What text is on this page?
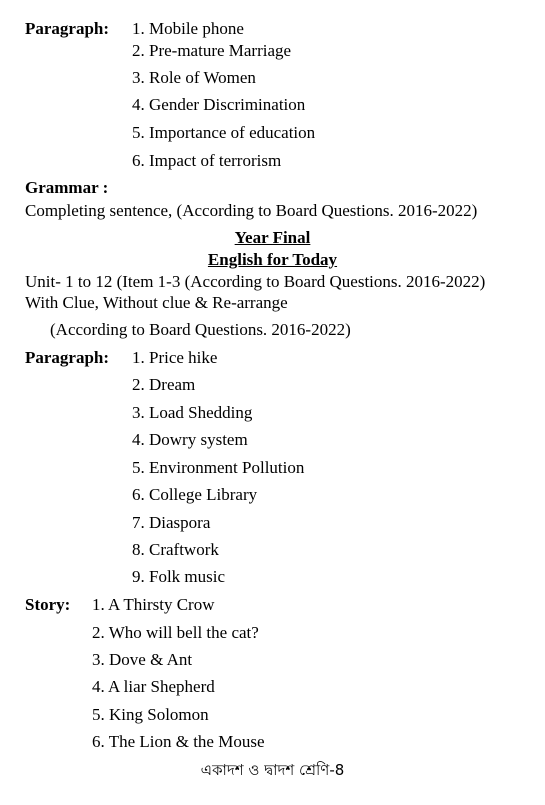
Paragraph: 1. Mobile phone
2. Pre-mature Marriage
3. Role of Women
4. Gender Discrimination
5. Importance of education
6. Impact of terrorism
Grammar :
Completing sentence, (According to Board Questions. 2016-2022)
Year Final
English for Today
Unit- 1 to 12 (Item 1-3 (According to Board Questions. 2016-2022)
With Clue, Without clue & Re-arrange
(According to Board Questions. 2016-2022)
Paragraph: 1. Price hike
2. Dream
3. Load Shedding
4. Dowry system
5. Environment Pollution
6. College Library
7. Diaspora
8. Craftwork
9. Folk music
Story: 1. A Thirsty Crow
2. Who will bell the cat?
3. Dove & Ant
4. A liar Shepherd
5. King Solomon
6. The Lion & the Mouse
একাদশ ও দ্বাদশ শ্রেণি-8
